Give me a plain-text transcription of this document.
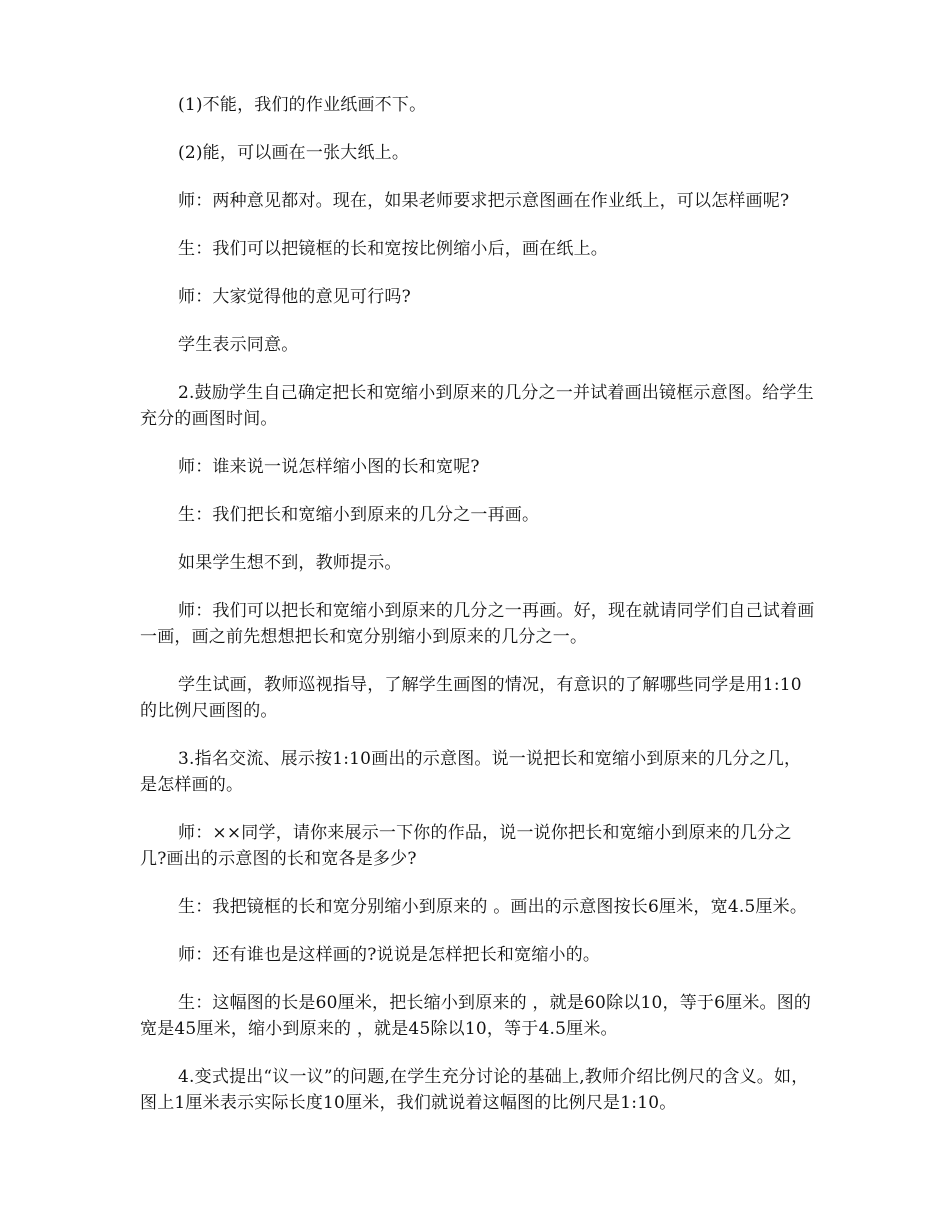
(1)不能，我们的作业纸画不下。

(2)能，可以画在一张大纸上。

师：两种意见都对。现在，如果老师要求把示意图画在作业纸上，可以怎样画呢?

生：我们可以把镜框的长和宽按比例缩小后，画在纸上。

师：大家觉得他的意见可行吗?

学生表示同意。

2.鼓励学生自己确定把长和宽缩小到原来的几分之一并试着画出镜框示意图。给学生充分的画图时间。

师：谁来说一说怎样缩小图的长和宽呢?

生：我们把长和宽缩小到原来的几分之一再画。

如果学生想不到，教师提示。

师：我们可以把长和宽缩小到原来的几分之一再画。好，现在就请同学们自己试着画一画，画之前先想想把长和宽分别缩小到原来的几分之一。

学生试画，教师巡视指导，了解学生画图的情况，有意识的了解哪些同学是用1:10的比例尺画图的。

3.指名交流、展示按1:10画出的示意图。说一说把长和宽缩小到原来的几分之几，是怎样画的。

师：××同学，请你来展示一下你的作品，说一说你把长和宽缩小到原来的几分之几?画出的示意图的长和宽各是多少?

生：我把镜框的长和宽分别缩小到原来的 。画出的示意图按长6厘米，宽4.5厘米。

师：还有谁也是这样画的?说说是怎样把长和宽缩小的。

生：这幅图的长是60厘米，把长缩小到原来的 ，就是60除以10，等于6厘米。图的宽是45厘米，缩小到原来的 ，就是45除以10，等于4.5厘米。

4.变式提出“议一议”的问题,在学生充分讨论的基础上,教师介绍比例尺的含义。如，图上1厘米表示实际长度10厘米，我们就说着这幅图的比例尺是1:10。
